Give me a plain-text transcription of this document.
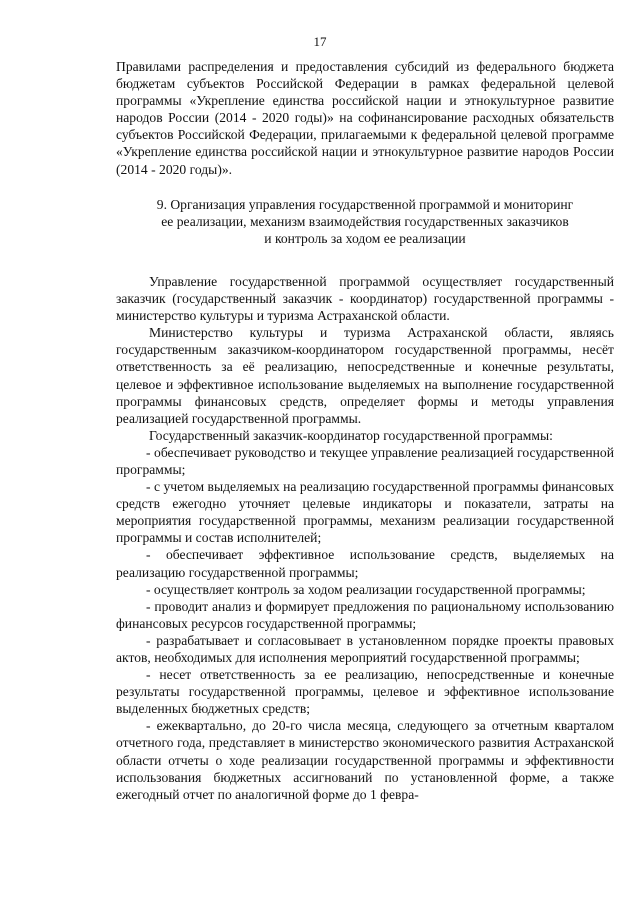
17

Правилами распределения и предоставления субсидий из федерального бюджета бюджетам субъектов Российской Федерации в рамках федеральной целевой программы «Укрепление единства российской нации и этнокультурное развитие народов России (2014 - 2020 годы)» на софинансирование расходных обязательств субъектов Российской Федерации, прилагаемыми к федеральной целевой программе «Укрепление единства российской нации и этнокультурное развитие народов России (2014 - 2020 годы)».

9. Организация управления государственной программой и мониторинг
ее реализации, механизм взаимодействия государственных заказчиков
и контроль за ходом ее реализации

Управление государственной программой осуществляет государственный заказчик (государственный заказчик - координатор) государственной программы - министерство культуры и туризма Астраханской области.

Министерство культуры и туризма Астраханской области, являясь государственным заказчиком-координатором государственной программы, несёт ответственность за её реализацию, непосредственные и конечные результаты, целевое и эффективное использование выделяемых на выполнение государственной программы финансовых средств, определяет формы и методы управления реализацией государственной программы.

Государственный заказчик-координатор государственной программы:

- обеспечивает руководство и текущее управление реализацией государственной программы;

- с учетом выделяемых на реализацию государственной программы финансовых средств ежегодно уточняет целевые индикаторы и показатели, затраты на мероприятия государственной программы, механизм реализации государственной программы и состав исполнителей;

- обеспечивает эффективное использование средств, выделяемых на реализацию государственной программы;

- осуществляет контроль за ходом реализации государственной программы;

- проводит анализ и формирует предложения по рациональному использованию финансовых ресурсов государственной программы;

- разрабатывает и согласовывает в установленном порядке проекты правовых актов, необходимых для исполнения мероприятий государственной программы;

- несет ответственность за ее реализацию, непосредственные и конечные результаты государственной программы, целевое и эффективное использование выделенных бюджетных средств;

- ежеквартально, до 20-го числа месяца, следующего за отчетным кварталом отчетного года, представляет в министерство экономического развития Астраханской области отчеты о ходе реализации государственной программы и эффективности использования бюджетных ассигнований по установленной форме, а также ежегодный отчет по аналогичной форме до 1 февра-
